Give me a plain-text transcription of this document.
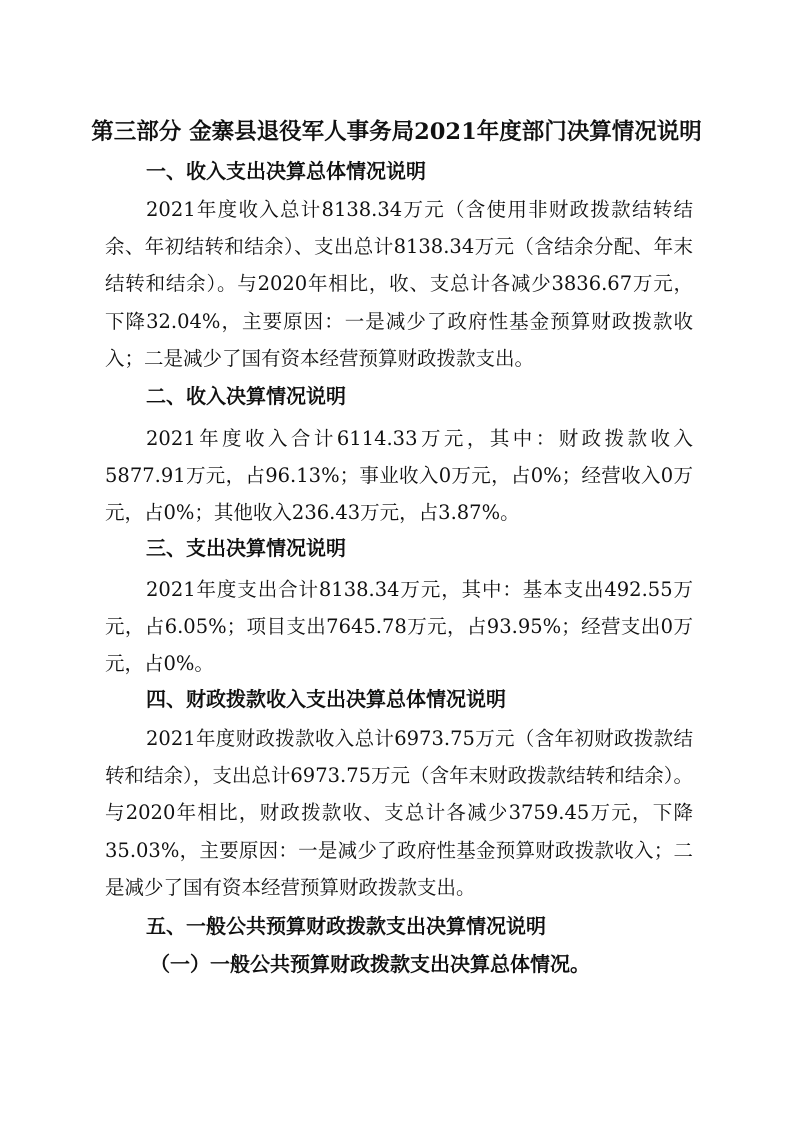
第三部分 金寨县退役军人事务局2021年度部门决算情况说明
一、收入支出决算总体情况说明

2021年度收入总计8138.34万元（含使用非财政拨款结转结余、年初结转和结余）、支出总计8138.34万元（含结余分配、年末结转和结余）。与2020年相比，收、支总计各减少3836.67万元，下降32.04%，主要原因：一是减少了政府性基金预算财政拨款收入；二是减少了国有资本经营预算财政拨款支出。

二、收入决算情况说明

2021年度收入合计6114.33万元，其中：财政拨款收入5877.91万元，占96.13%；事业收入0万元，占0%；经营收入0万元，占0%；其他收入236.43万元，占3.87%。

三、支出决算情况说明

2021年度支出合计8138.34万元，其中：基本支出492.55万元，占6.05%；项目支出7645.78万元，占93.95%；经营支出0万元，占0%。

四、财政拨款收入支出决算总体情况说明

2021年度财政拨款收入总计6973.75万元（含年初财政拨款结转和结余），支出总计6973.75万元（含年末财政拨款结转和结余）。与2020年相比，财政拨款收、支总计各减少3759.45万元，下降35.03%，主要原因：一是减少了政府性基金预算财政拨款收入；二是减少了国有资本经营预算财政拨款支出。

五、一般公共预算财政拨款支出决算情况说明
（一）一般公共预算财政拨款支出决算总体情况。
